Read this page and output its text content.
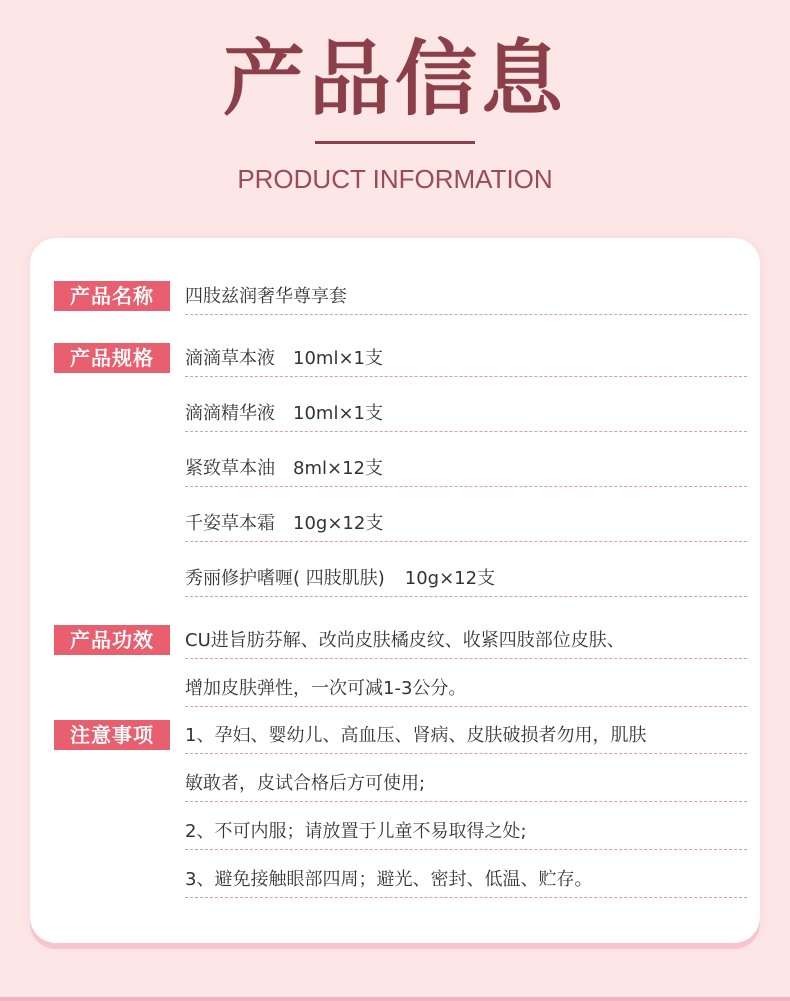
产品信息
PRODUCT INFORMATION
产品名称	四肢兹润奢华尊享套
产品规格	滴滴草本液 10ml×1支
滴滴精华液 10ml×1支
紧致草本油 8ml×12支
千姿草本霜 10g×12支
秀丽修护嗜喱( 四肢肌肤) 10g×12支
产品功效	CU进旨肪芬解、改尚皮肤橘皮纹、收紧四肢部位皮肤、
增加皮肤弹性，一次可减1-3公分。
注意事项	1、孕妇、婴幼儿、高血压、肾病、皮肤破损者勿用，肌肤
敏敢者，皮试合格后方可使用;
2、不可内服；请放置于儿童不易取得之处;
3、避免接触眼部四周；避光、密封、低温、贮存。
